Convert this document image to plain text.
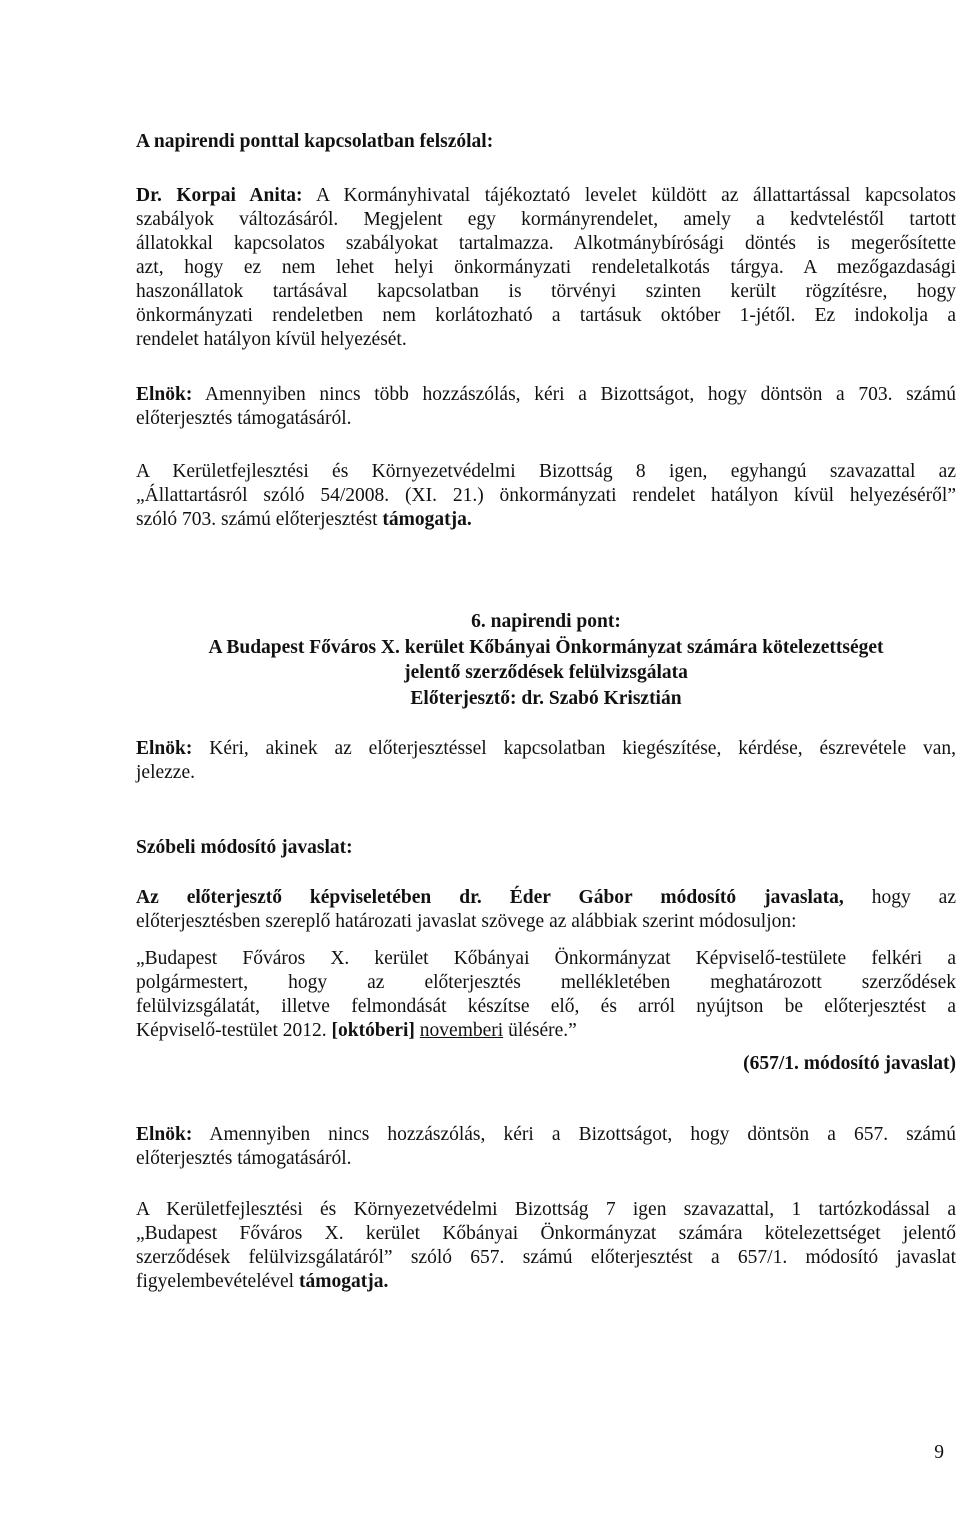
A napirendi ponttal kapcsolatban felszólal:

Dr. Korpai Anita: A Kormányhivatal tájékoztató levelet küldött az állattartással kapcsolatos

szabályok változásáról. Megjelent egy kormányrendelet, amely a kedvteléstől tartott

állatokkal kapcsolatos szabályokat tartalmazza. Alkotmánybírósági döntés is megerősítette

azt, hogy ez nem lehet helyi önkormányzati rendeletalkotás tárgya. A mezőgazdasági

haszonállatok tartásával kapcsolatban is törvényi szinten került rögzítésre, hogy

önkormányzati rendeletben nem korlátozható a tartásuk október 1-jétől. Ez indokolja a

rendelet hatályon kívül helyezését.

Elnök: Amennyiben nincs több hozzászólás, kéri a Bizottságot, hogy döntsön a 703. számú

előterjesztés támogatásáról.

A Kerületfejlesztési és Környezetvédelmi Bizottság 8 igen, egyhangú szavazattal az

„Állattartásról szóló 54/2008. (XI. 21.) önkormányzati rendelet hatályon kívül helyezéséről”

szóló 703. számú előterjesztést támogatja.

6. napirendi pont:

A Budapest Főváros X. kerület Kőbányai Önkormányzat számára kötelezettséget

jelentő szerződések felülvizsgálata

Előterjesztő: dr. Szabó Krisztián

Elnök: Kéri, akinek az előterjesztéssel kapcsolatban kiegészítése, kérdése, észrevétele van,

jelezze.

Szóbeli módosító javaslat:

Az előterjesztő képviseletében dr. Éder Gábor módosító javaslata, hogy az

előterjesztésben szereplő határozati javaslat szövege az alábbiak szerint módosuljon:

„Budapest Főváros X. kerület Kőbányai Önkormányzat Képviselő-testülete felkéri a

polgármestert, hogy az előterjesztés mellékletében meghatározott szerződések

felülvizsgálatát, illetve felmondását készítse elő, és arról nyújtson be előterjesztést a

Képviselő-testület 2012. [októberi] novemberi ülésére.”

(657/1. módosító javaslat)

Elnök: Amennyiben nincs hozzászólás, kéri a Bizottságot, hogy döntsön a 657. számú

előterjesztés támogatásáról.

A Kerületfejlesztési és Környezetvédelmi Bizottság 7 igen szavazattal, 1 tartózkodással a

„Budapest Főváros X. kerület Kőbányai Önkormányzat számára kötelezettséget jelentő

szerződések felülvizsgálatáról” szóló 657. számú előterjesztést a 657/1. módosító javaslat

figyelembevételével támogatja.

9
